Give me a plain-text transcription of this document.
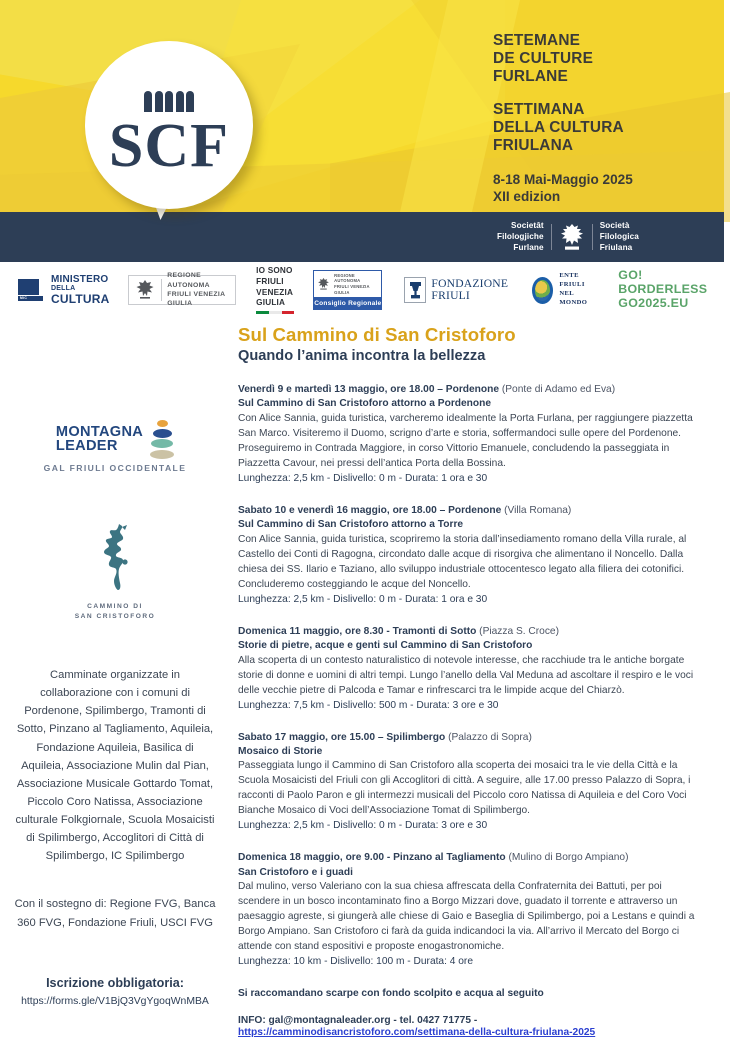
SCF
SETEMANE
DE CULTURE
FURLANE
SETTIMANA
DELLA CULTURA
FRIULANA
8-18 Mai-Maggio 2025
XII edizion
Societât
Filologjiche
Furlane
Società
Filologica
Friulana
MiC
MINISTERO
DELLA
CULTURA
REGIONE AUTONOMA
FRIULI VENEZIA GIULIA
IO SONO
FRIULI
VENEZIA
GIULIA
REGIONE AUTONOMA
FRIULI VENEZIA GIULIA
Consiglio Regionale
FONDAZIONE
FRIULI
ENTE FRIULI
NEL MONDO
GO! BORDERLESS
GO2025.EU
MONTAGNA
LEADER
GAL FRIULI OCCIDENTALE
CAMMINO DI
SAN CRISTOFORO
Camminate organizzate in collaborazione con i comuni di Pordenone, Spilimbergo, Tramonti di Sotto, Pinzano al Tagliamento, Aquileia, Fondazione Aquileia, Basilica di Aquileia, Associazione Mulin dal Pian, Associazione Musicale Gottardo Tomat, Piccolo Coro Natissa, Associazione culturale Folkgiornale, Scuola Mosaicisti di Spilimbergo, Accoglitori di Città di Spilimbergo, IC Spilimbergo
Con il sostegno di: Regione FVG, Banca 360 FVG, Fondazione Friuli, USCI FVG
Iscrizione obbligatoria:
https://forms.gle/V1BjQ3VgYgoqWnMBA
Sul Cammino di San Cristoforo
Quando l’anima incontra la bellezza
Venerdì 9 e martedì 13 maggio, ore 18.00 – Pordenone (Ponte di Adamo ed Eva)
Sul Cammino di San Cristoforo attorno a Pordenone
Con Alice Sannia, guida turistica, varcheremo idealmente la Porta Furlana, per raggiungere piazzetta San Marco. Visiteremo il Duomo, scrigno d’arte e storia, soffermandoci sulle opere del Pordenone. Proseguiremo in Contrada Maggiore, in corso Vittorio Emanuele, concludendo la passeggiata in Piazzetta Cavour, nei pressi dell’antica Porta della Bossina.
Lunghezza: 2,5 km - Dislivello: 0 m - Durata: 1 ora e 30
Sabato 10 e venerdì 16 maggio, ore 18.00 – Pordenone (Villa Romana)
Sul Cammino di San Cristoforo attorno a Torre
Con Alice Sannia, guida turistica, scopriremo la storia dall’insediamento romano della Villa rurale, al Castello dei Conti di Ragogna, circondato dalle acque di risorgiva che alimentano il Noncello. Dalla chiesa dei SS. Ilario e Taziano, allo sviluppo industriale ottocentesco legato alla filiera dei cotonifici. Concluderemo costeggiando le acque del Noncello.
Lunghezza: 2,5 km - Dislivello: 0 m - Durata: 1 ora e 30
Domenica 11 maggio, ore 8.30 - Tramonti di Sotto (Piazza S. Croce)
Storie di pietre, acque e genti sul Cammino di San Cristoforo
Alla scoperta di un contesto naturalistico di notevole interesse, che racchiude tra le antiche borgate storie di donne e uomini di altri tempi. Lungo l’anello della Val Meduna ad ascoltare il respiro e le voci delle vecchie pietre di Palcoda e Tamar e rinfrescarci tra le limpide acque del Chiarzò.
Lunghezza: 7,5 km - Dislivello: 500 m - Durata: 3 ore e 30
Sabato 17 maggio, ore 15.00 – Spilimbergo (Palazzo di Sopra)
Mosaico di Storie
Passeggiata lungo il Cammino di San Cristoforo alla scoperta dei mosaici tra le vie della Città e la Scuola Mosaicisti del Friuli con gli Accoglitori di città. A seguire, alle 17.00 presso Palazzo di Sopra, i racconti di Paolo Paron e gli intermezzi musicali del Piccolo coro Natissa di Aquileia e del Coro Voci Bianche Mosaico di Voci dell’Associazione Tomat di Spilimbergo.
Lunghezza: 2,5 km - Dislivello: 0 m - Durata: 3 ore e 30
Domenica 18 maggio, ore 9.00 - Pinzano al Tagliamento (Mulino di Borgo Ampiano)
San Cristoforo e i guadi
Dal mulino, verso Valeriano con la sua chiesa affrescata della Confraternita dei Battuti, per poi scendere in un bosco incontaminato fino a Borgo Mizzari dove, guadato il torrente e attraverso un paesaggio agreste, si giungerà alle chiese di Gaio e Baseglia di Spilimbergo, poi a Lestans e quindi a Borgo Ampiano. San Cristoforo ci farà da guida indicandoci la via. All’arrivo il Mercato del Borgo ci attende con stand espositivi e proposte enogastronomiche.
Lunghezza: 10 km - Dislivello: 100 m - Durata: 4 ore
Si raccomandano scarpe con fondo scolpito e acqua al seguito
INFO: gal@montagnaleader.org - tel. 0427 71775 -
https://camminodisancristoforo.com/settimana-della-cultura-friulana-2025
